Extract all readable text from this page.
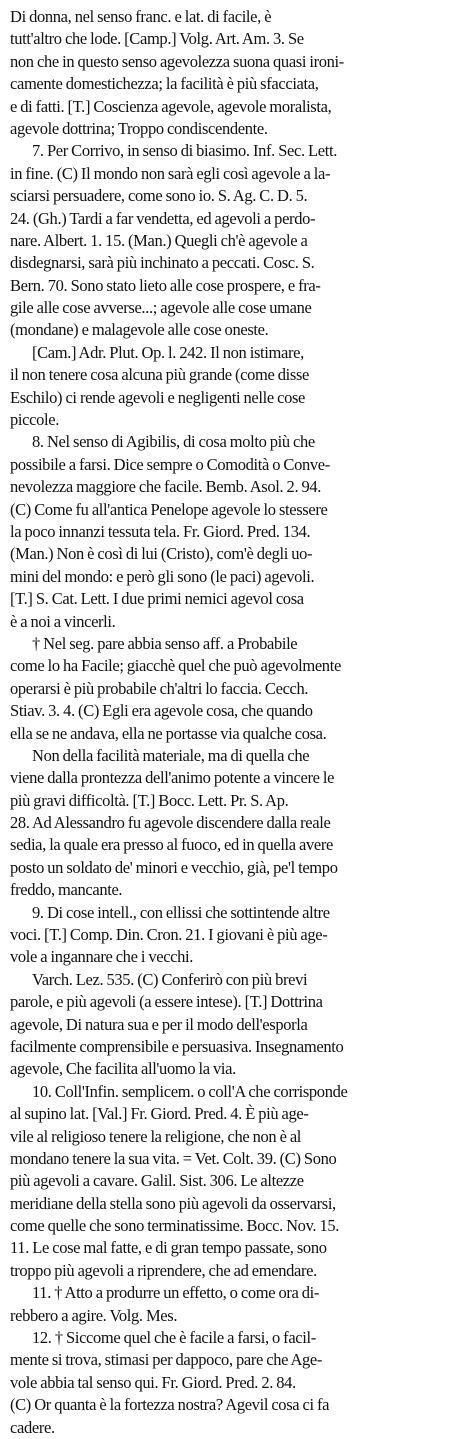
Di donna, nel senso franc. e lat. di facile, è
tutt'altro che lode. [Camp.] Volg. Art. Am. 3. Se
non che in questo senso agevolezza suona quasi ironi-
camente domestichezza; la facilità è più sfacciata,
e di fatti. [T.] Coscienza agevole, agevole moralista,
agevole dottrina; Troppo condiscendente.
7. Per Corrivo, in senso di biasimo. Inf. Sec. Lett.
in fine. (C) Il mondo non sarà egli così agevole a la-
sciarsi persuadere, come sono io. S. Ag. C. D. 5.
24. (Gh.) Tardi a far vendetta, ed agevoli a perdo-
nare. Albert. 1. 15. (Man.) Quegli ch'è agevole a
disdegnarsi, sarà più inchinato a peccati. Cosc. S.
Bern. 70. Sono stato lieto alle cose prospere, e fra-
gile alle cose avverse...; agevole alle cose umane
(mondane) e malagevole alle cose oneste.
[Cam.] Adr. Plut. Op. l. 242. Il non istimare,
il non tenere cosa alcuna più grande (come disse
Eschilo) ci rende agevoli e negligenti nelle cose
piccole.
8. Nel senso di Agibilis, di cosa molto più che
possibile a farsi. Dice sempre o Comodità o Conve-
nevolezza maggiore che facile. Bemb. Asol. 2. 94.
(C) Come fu all'antica Penelope agevole lo stessere
la poco innanzi tessuta tela. Fr. Giord. Pred. 134.
(Man.) Non è così di lui (Cristo), com'è degli uo-
mini del mondo: e però gli sono (le paci) agevoli.
[T.] S. Cat. Lett. I due primi nemici agevol cosa
è a noi a vincerli.
† Nel seg. pare abbia senso aff. a Probabile
come lo ha Facile; giacchè quel che può agevolmente
operarsi è più probabile ch'altri lo faccia. Cecch.
Stiav. 3. 4. (C) Egli era agevole cosa, che quando
ella se ne andava, ella ne portasse via qualche cosa.
Non della facilità materiale, ma di quella che
viene dalla prontezza dell'animo potente a vincere le
più gravi difficoltà. [T.] Bocc. Lett. Pr. S. Ap.
28. Ad Alessandro fu agevole discendere dalla reale
sedia, la quale era presso al fuoco, ed in quella avere
posto un soldato de' minori e vecchio, già, pe'l tempo
freddo, mancante.
9. Di cose intell., con ellissi che sottintende altre
voci. [T.] Comp. Din. Cron. 21. I giovani è più age-
vole a ingannare che i vecchi.
Varch. Lez. 535. (C) Conferirò con più brevi
parole, e più agevoli (a essere intese). [T.] Dottrina
agevole, Di natura sua e per il modo dell'esporla
facilmente comprensibile e persuasiva. Insegnamento
agevole, Che facilita all'uomo la via.
10. Coll'Infin. semplicem. o coll'A che corrisponde
al supino lat. [Val.] Fr. Giord. Pred. 4. È più age-
vile al religioso tenere la religione, che non è al
mondano tenere la sua vita. = Vet. Colt. 39. (C) Sono
più agevoli a cavare. Galil. Sist. 306. Le altezze
meridiane della stella sono più agevoli da osservarsi,
come quelle che sono terminatissime. Bocc. Nov. 15.
11. Le cose mal fatte, e di gran tempo passate, sono
troppo più agevoli a riprendere, che ad emendare.
11. † Atto a produrre un effetto, o come ora di-
rebbero a agire. Volg. Mes.
12. † Siccome quel che è facile a farsi, o facil-
mente si trova, stimasi per dappoco, pare che Age-
vole abbia tal senso qui. Fr. Giord. Pred. 2. 84.
(C) Or quanta è la fortezza nostra? Agevil cosa ci fa
cadere.
